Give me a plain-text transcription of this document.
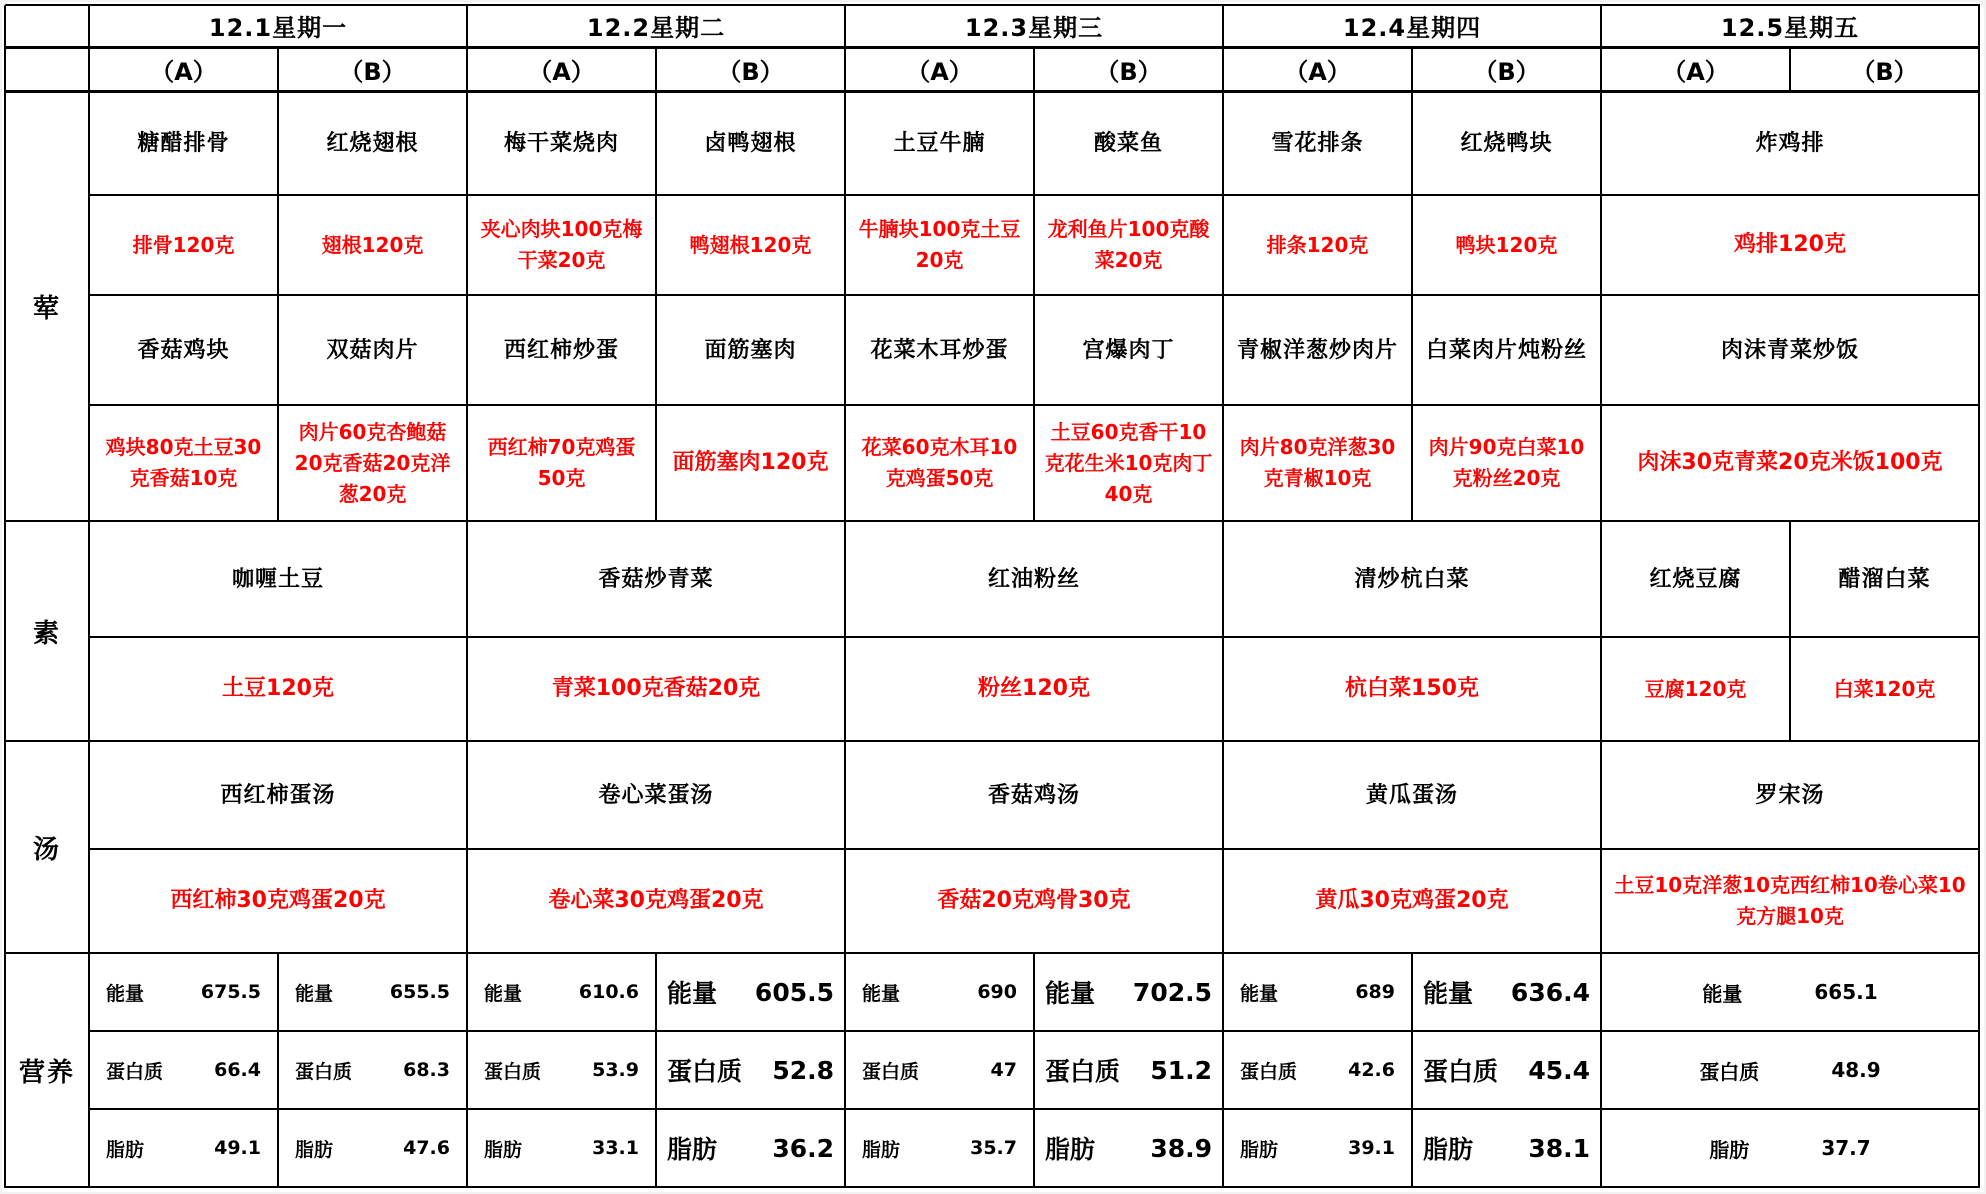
	12.1星期一		12.2星期二		12.3星期三		12.4星期四		12.5星期五	
	（A）	（B）	（A）	（B）	（A）	（B）	（A）	（B）	（A）	（B）
荤	糖醋排骨	红烧翅根	梅干菜烧肉	卤鸭翅根	土豆牛腩	酸菜鱼	雪花排条	红烧鸭块	炸鸡排	
	排骨120克	翅根120克	夹心肉块100克梅干菜20克	鸭翅根120克	牛腩块100克土豆20克	龙利鱼片100克酸菜20克	排条120克	鸭块120克	鸡排120克	
	香菇鸡块	双菇肉片	西红柿炒蛋	面筋塞肉	花菜木耳炒蛋	宫爆肉丁	青椒洋葱炒肉片	白菜肉片炖粉丝	肉沫青菜炒饭	
	鸡块80克土豆30克香菇10克	肉片60克杏鲍菇20克香菇20克洋葱20克	西红柿70克鸡蛋50克	面筋塞肉120克	花菜60克木耳10克鸡蛋50克	土豆60克香干10克花生米10克肉丁40克	肉片80克洋葱30克青椒10克	肉片90克白菜10克粉丝20克	肉沫30克青菜20克米饭100克	
素	咖喱土豆		香菇炒青菜		红油粉丝		清炒杭白菜		红烧豆腐	醋溜白菜
	土豆120克		青菜100克香菇20克		粉丝120克		杭白菜150克		豆腐120克	白菜120克
汤	西红柿蛋汤		卷心菜蛋汤		香菇鸡汤		黄瓜蛋汤		罗宋汤	
	西红柿30克鸡蛋20克		卷心菜30克鸡蛋20克		香菇20克鸡骨30克		黄瓜30克鸡蛋20克		土豆10克洋葱10克西红柿10卷心菜10克方腿10克	
营养	能量 675.5	能量 655.5	能量 610.6	能量 605.5	能量 690	能量 702.5	能量 689	能量 636.4	能量 665.1	

	蛋白质 66.4	蛋白质 68.3	蛋白质 53.9	蛋白质 52.8	蛋白质 47	蛋白质 51.2	蛋白质 42.6	蛋白质 45.4	蛋白质 48.9	

	脂肪 49.1	脂肪 47.6	脂肪 33.1	脂肪 36.2	脂肪 35.7	脂肪 38.9	脂肪 39.1	脂肪 38.1	脂肪 37.7	
